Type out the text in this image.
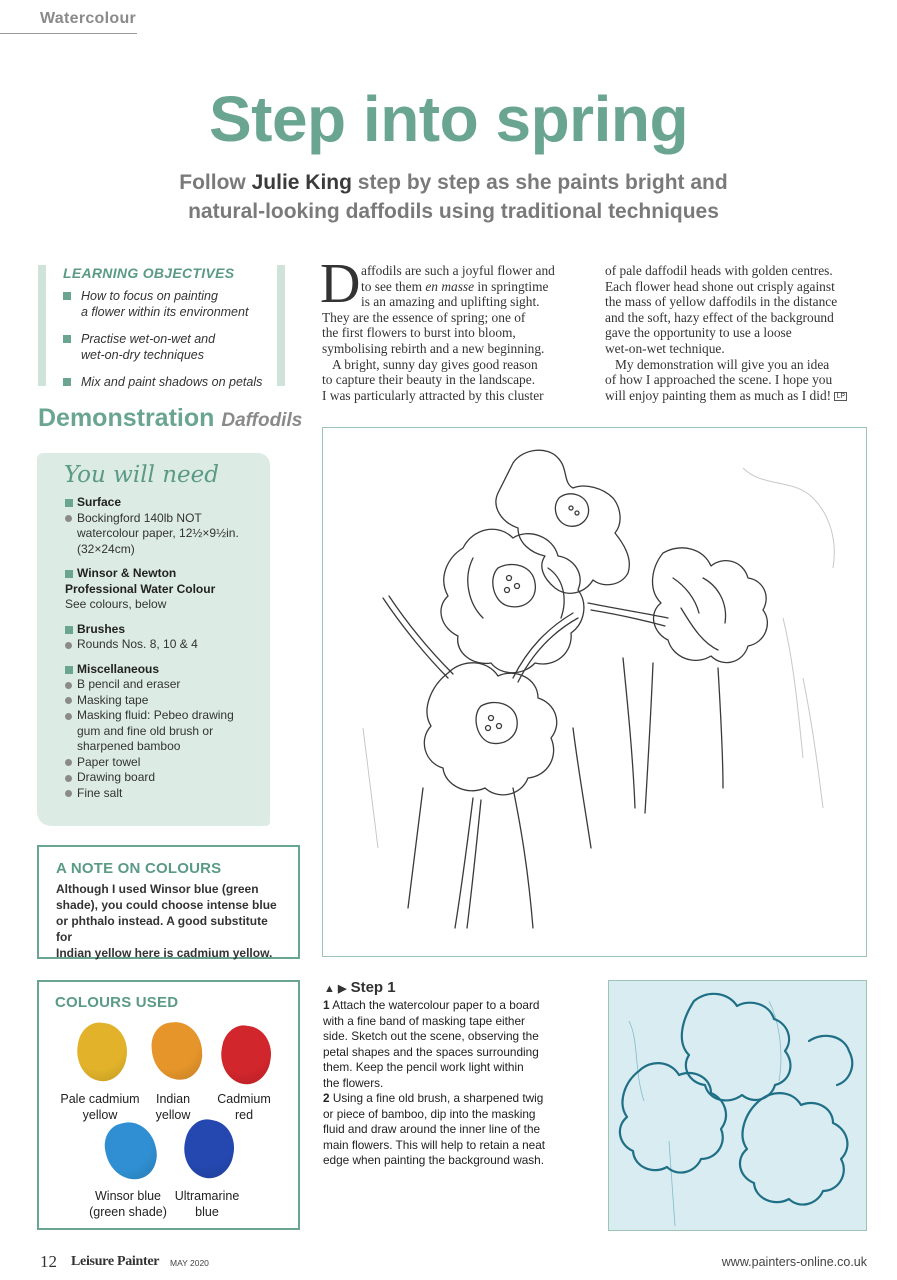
Watercolour
Step into spring
Follow Julie King step by step as she paints bright and
natural-looking daffodils using traditional techniques
LEARNING OBJECTIVES
How to focus on painting
a flower within its environment
Practise wet-on-wet and
wet-on-dry techniques
Mix and paint shadows on petals
Demonstration Daffodils
You will need
Surface
Bockingford 140lb NOT
watercolour paper, 12½×9½in.
(32×24cm)
Winsor & Newton
Professional Water Colour
See colours, below
Brushes
Rounds Nos. 8, 10 & 4
Miscellaneous
B pencil and eraser
Masking tape
Masking fluid: Pebeo drawing
gum and fine old brush or
sharpened bamboo
Paper towel
Drawing board
Fine salt
A NOTE ON COLOURS
Although I used Winsor blue (green
shade), you could choose intense blue
or phthalo instead. A good substitute for
Indian yellow here is cadmium yellow.
COLOURS USED
Pale cadmium
yellow
Indian
yellow
Cadmium
red
Winsor blue
(green shade)
Ultramarine
blue
D affodils are such a joyful flower and
to see them en masse in springtime
is an amazing and uplifting sight.
They are the essence of spring; one of
the first flowers to burst into bloom,
symbolising rebirth and a new beginning.
A bright, sunny day gives good reason
to capture their beauty in the landscape.
I was particularly attracted by this cluster
of pale daffodil heads with golden centres.
Each flower head shone out crisply against
the mass of yellow daffodils in the distance
and the soft, hazy effect of the background
gave the opportunity to use a loose
wet-on-wet technique.
My demonstration will give you an idea
of how I approached the scene. I hope you
will enjoy painting them as much as I did! LP
▲ ▶ Step 1
1 Attach the watercolour paper to a board
with a fine band of masking tape either
side. Sketch out the scene, observing the
petal shapes and the spaces surrounding
them. Keep the pencil work light within
the flowers.
2 Using a fine old brush, a sharpened twig
or piece of bamboo, dip into the masking
fluid and draw around the inner line of the
main flowers. This will help to retain a neat
edge when painting the background wash.
12 Leisure Painter MAY 2020	www.painters-online.co.uk
